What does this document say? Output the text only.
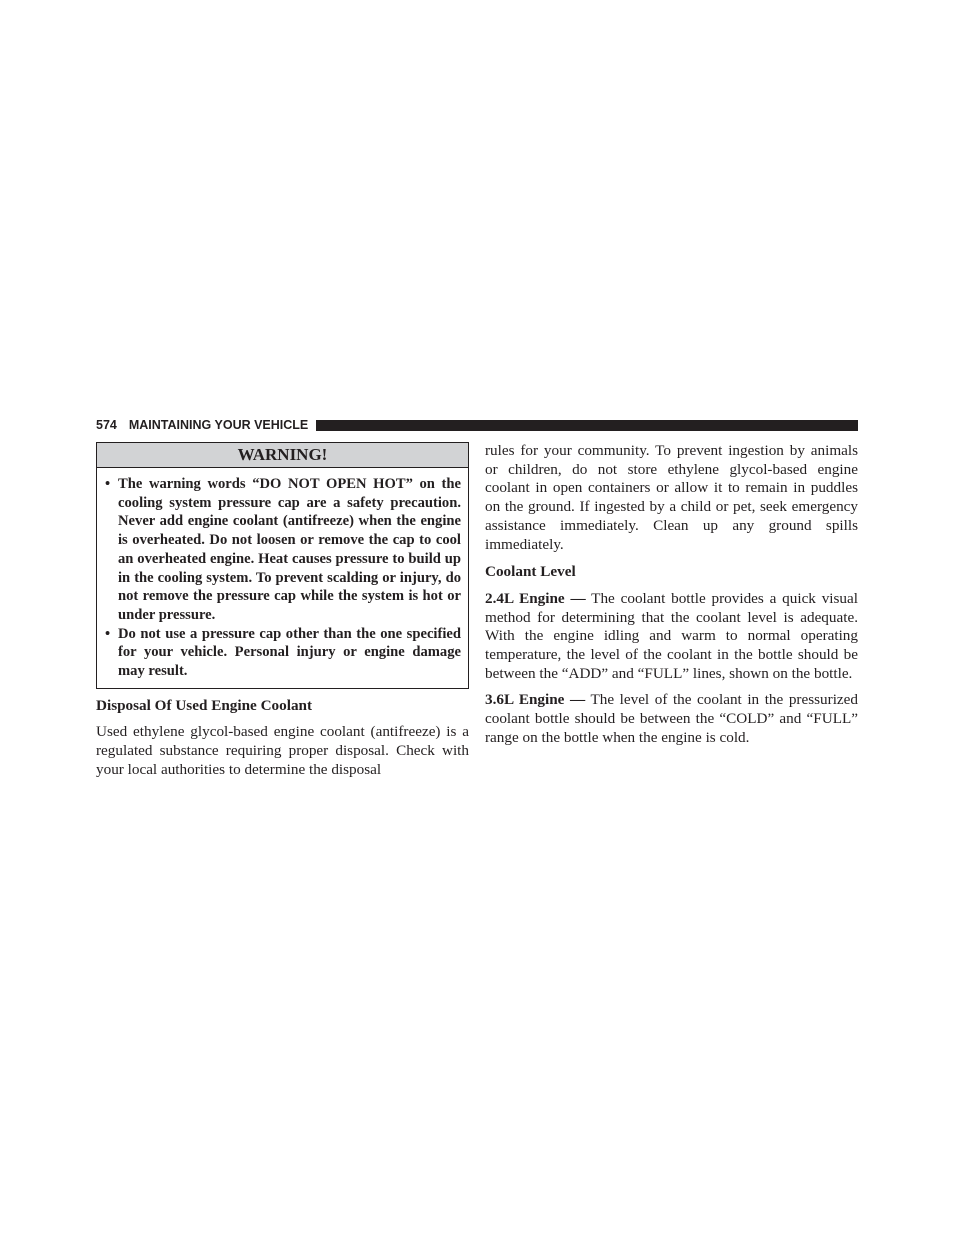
574 MAINTAINING YOUR VEHICLE
WARNING!
• The warning words “DO NOT OPEN HOT” on the cooling system pressure cap are a safety precaution. Never add engine coolant (antifreeze) when the engine is overheated. Do not loosen or remove the cap to cool an overheated engine. Heat causes pressure to build up in the cooling system. To prevent scalding or injury, do not remove the pressure cap while the system is hot or under pressure.
• Do not use a pressure cap other than the one specified for your vehicle. Personal injury or engine damage may result.
Disposal Of Used Engine Coolant

Used ethylene glycol-based engine coolant (antifreeze) is a regulated substance requiring proper disposal. Check with your local authorities to determine the disposal

rules for your community. To prevent ingestion by animals or children, do not store ethylene glycol-based engine coolant in open containers or allow it to remain in puddles on the ground. If ingested by a child or pet, seek emergency assistance immediately. Clean up any ground spills immediately.

Coolant Level

2.4L Engine — The coolant bottle provides a quick visual method for determining that the coolant level is adequate. With the engine idling and warm to normal operating temperature, the level of the coolant in the bottle should be between the “ADD” and “FULL” lines, shown on the bottle.

3.6L Engine — The level of the coolant in the pressurized coolant bottle should be between the “COLD” and “FULL” range on the bottle when the engine is cold.
